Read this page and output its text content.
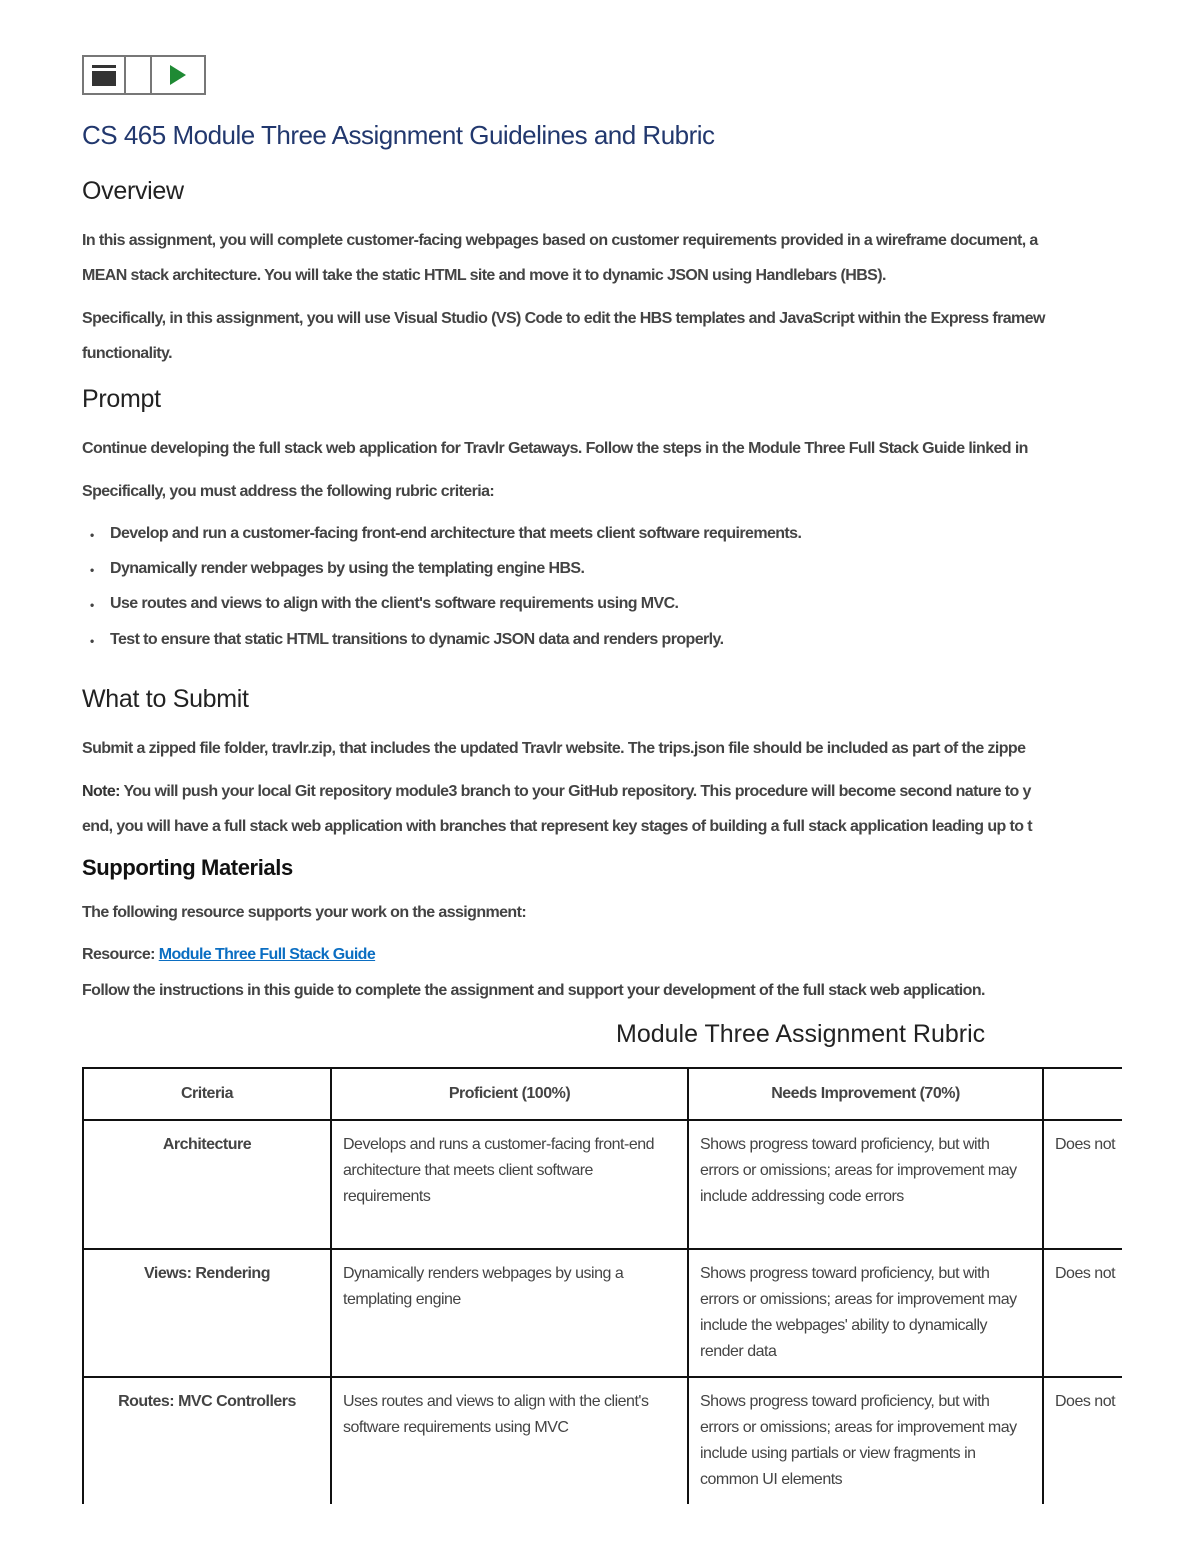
CS 465 Module Three Assignment Guidelines and Rubric
Overview
In this assignment, you will complete customer-facing webpages based on customer requirements provided in a wireframe document, a
MEAN stack architecture. You will take the static HTML site and move it to dynamic JSON using Handlebars (HBS).
Specifically, in this assignment, you will use Visual Studio (VS) Code to edit the HBS templates and JavaScript within the Express framew
functionality.
Prompt
Continue developing the full stack web application for Travlr Getaways. Follow the steps in the Module Three Full Stack Guide linked in
Specifically, you must address the following rubric criteria:
• Develop and run a customer-facing front-end architecture that meets client software requirements.
• Dynamically render webpages by using the templating engine HBS.
• Use routes and views to align with the client's software requirements using MVC.
• Test to ensure that static HTML transitions to dynamic JSON data and renders properly.
What to Submit
Submit a zipped file folder, travlr.zip, that includes the updated Travlr website. The trips.json file should be included as part of the zippe
Note: You will push your local Git repository module3 branch to your GitHub repository. This procedure will become second nature to y
end, you will have a full stack web application with branches that represent key stages of building a full stack application leading up to t
Supporting Materials
The following resource supports your work on the assignment:
Resource: Module Three Full Stack Guide
Follow the instructions in this guide to complete the assignment and support your development of the full stack web application.
Module Three Assignment Rubric
Criteria	Proficient (100%)	Needs Improvement (70%)	
Architecture	Develops and runs a customer-facing front-end architecture that meets client software requirements	Shows progress toward proficiency, but with errors or omissions; areas for improvement may include addressing code errors	Does not
Views: Rendering	Dynamically renders webpages by using a templating engine	Shows progress toward proficiency, but with errors or omissions; areas for improvement may include the webpages' ability to dynamically render data	Does not
Routes: MVC Controllers	Uses routes and views to align with the client's software requirements using MVC	Shows progress toward proficiency, but with errors or omissions; areas for improvement may include using partials or view fragments in common UI elements	Does not
